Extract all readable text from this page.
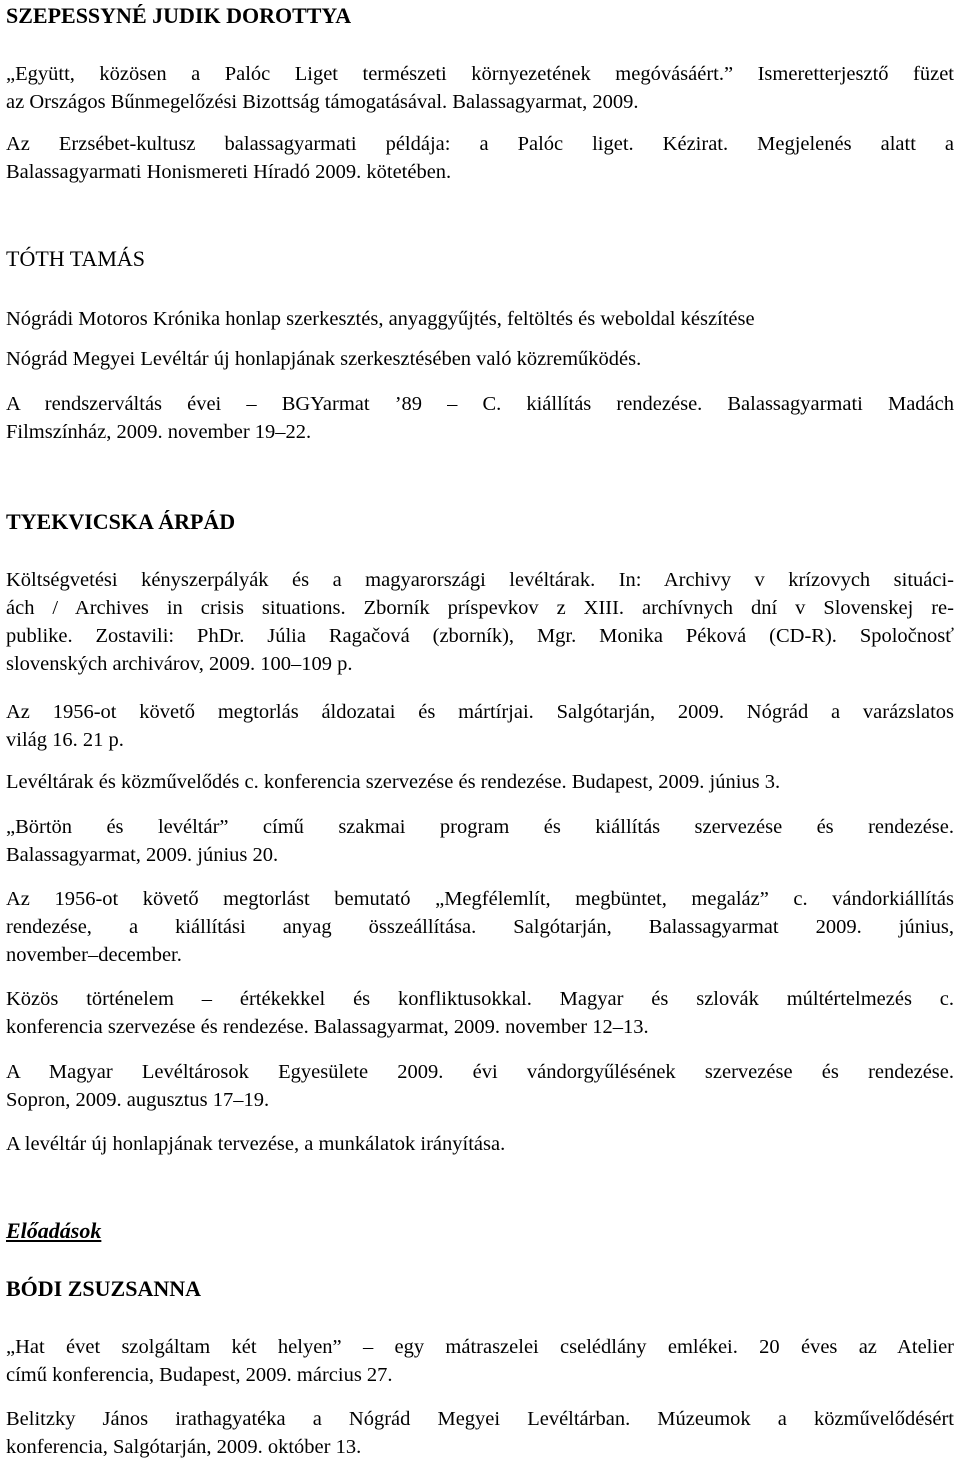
SZEPESSYNÉ JUDIK DOROTTYA

„Együtt, közösen a Palóc Liget természeti környezetének megóvásáért.” Ismeretterjesztő füzet
az Országos Bűnmegelőzési Bizottság támogatásával. Balassagyarmat, 2009.

Az Erzsébet-kultusz balassagyarmati példája: a Palóc liget. Kézirat. Megjelenés alatt a
Balassagyarmati Honismereti Híradó 2009. kötetében.

TÓTH TAMÁS

Nógrádi Motoros Krónika honlap szerkesztés, anyaggyűjtés, feltöltés és weboldal készítése

Nógrád Megyei Levéltár új honlapjának szerkesztésében való közreműködés.

A rendszerváltás évei – BGYarmat ’89 – C. kiállítás rendezése. Balassagyarmati Madách
Filmszínház, 2009. november 19–22.

TYEKVICSKA ÁRPÁD

Költségvetési kényszerpályák és a magyarországi levéltárak. In: Archivy v krízovych situáci-
ách / Archives in crisis situations. Zborník príspevkov z XIII. archívnych dní v Slovenskej re-
publike. Zostavili: PhDr. Júlia Ragačová (zborník), Mgr. Monika Péková (CD-R). Spoločnosť
slovenských archivárov, 2009. 100–109 p.

Az 1956-ot követő megtorlás áldozatai és mártírjai. Salgótarján, 2009. Nógrád a varázslatos
világ 16. 21 p.

Levéltárak és közművelődés c. konferencia szervezése és rendezése. Budapest, 2009. június 3.

„Börtön és levéltár” című szakmai program és kiállítás szervezése és rendezése.
Balassagyarmat, 2009. június 20.

Az 1956-ot követő megtorlást bemutató „Megfélemlít, megbüntet, megaláz” c. vándorkiállítás
rendezése, a kiállítási anyag összeállítása. Salgótarján, Balassagyarmat 2009. június,
november–december.

Közös történelem – értékekkel és konfliktusokkal. Magyar és szlovák múltértelmezés c.
konferencia szervezése és rendezése. Balassagyarmat, 2009. november 12–13.

A Magyar Levéltárosok Egyesülete 2009. évi vándorgyűlésének szervezése és rendezése.
Sopron, 2009. augusztus 17–19.

A levéltár új honlapjának tervezése, a munkálatok irányítása.

Előadások
BÓDI ZSUZSANNA

„Hat évet szolgáltam két helyen” – egy mátraszelei cselédlány emlékei. 20 éves az Atelier
című konferencia, Budapest, 2009. március 27.

Belitzky János irathagyatéka a Nógrád Megyei Levéltárban. Múzeumok a közművelődésért
konferencia, Salgótarján, 2009. október 13.
